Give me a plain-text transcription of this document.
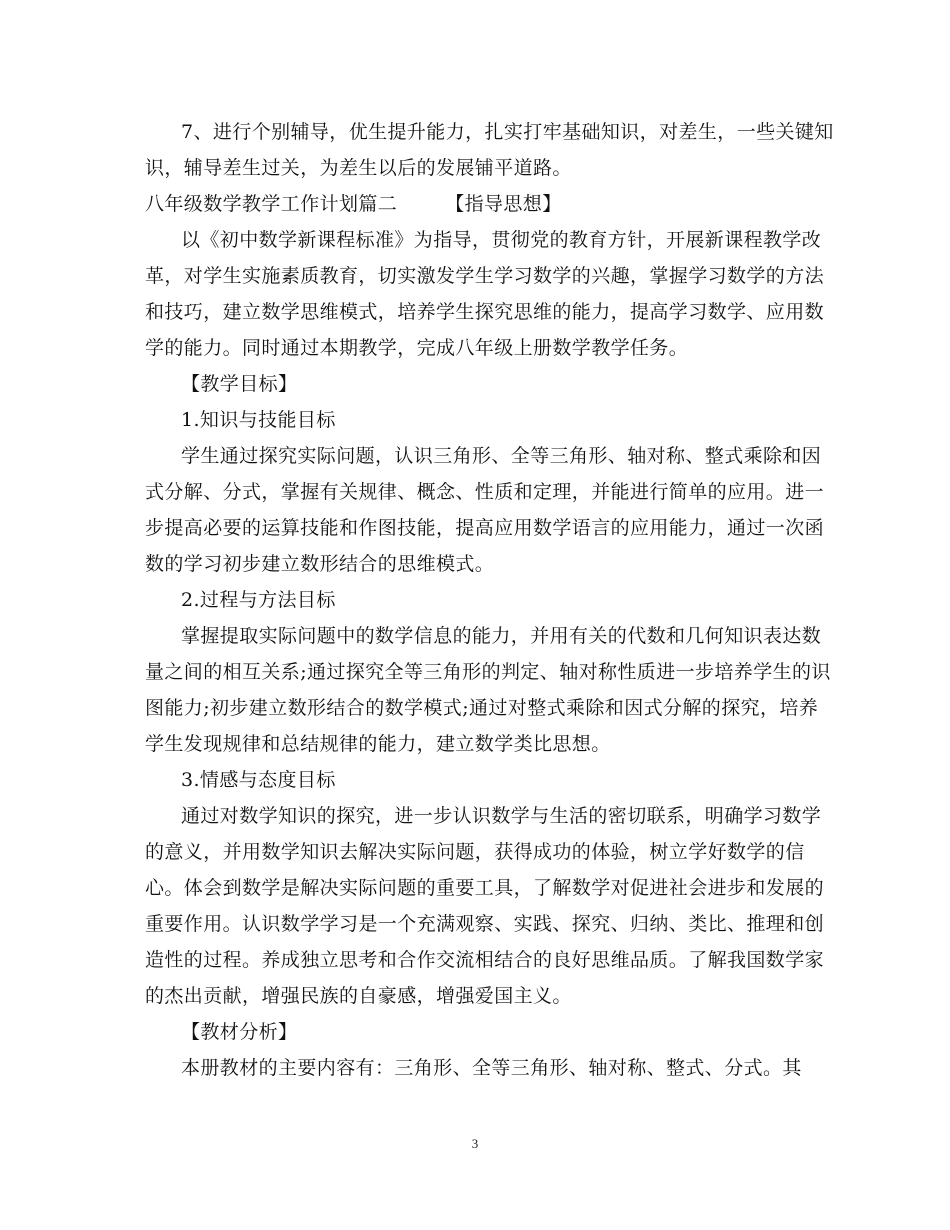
7、进行个别辅导，优生提升能力，扎实打牢基础知识，对差生，一些关键知
识，辅导差生过关，为差生以后的发展铺平道路。
八年级数学教学工作计划篇二	【指导思想】
以《初中数学新课程标准》为指导，贯彻党的教育方针，开展新课程教学改
革，对学生实施素质教育，切实激发学生学习数学的兴趣，掌握学习数学的方法
和技巧，建立数学思维模式，培养学生探究思维的能力，提高学习数学、应用数
学的能力。同时通过本期教学，完成八年级上册数学教学任务。
【教学目标】
1.知识与技能目标
学生通过探究实际问题，认识三角形、全等三角形、轴对称、整式乘除和因
式分解、分式，掌握有关规律、概念、性质和定理，并能进行简单的应用。进一
步提高必要的运算技能和作图技能，提高应用数学语言的应用能力，通过一次函
数的学习初步建立数形结合的思维模式。
2.过程与方法目标
掌握提取实际问题中的数学信息的能力，并用有关的代数和几何知识表达数
量之间的相互关系;通过探究全等三角形的判定、轴对称性质进一步培养学生的识
图能力;初步建立数形结合的数学模式;通过对整式乘除和因式分解的探究，培养
学生发现规律和总结规律的能力，建立数学类比思想。
3.情感与态度目标
通过对数学知识的探究，进一步认识数学与生活的密切联系，明确学习数学
的意义，并用数学知识去解决实际问题，获得成功的体验，树立学好数学的信
心。体会到数学是解决实际问题的重要工具，了解数学对促进社会进步和发展的
重要作用。认识数学学习是一个充满观察、实践、探究、归纳、类比、推理和创
造性的过程。养成独立思考和合作交流相结合的良好思维品质。了解我国数学家
的杰出贡献，增强民族的自豪感，增强爱国主义。
【教材分析】
本册教材的主要内容有：三角形、全等三角形、轴对称、整式、分式。其
3
